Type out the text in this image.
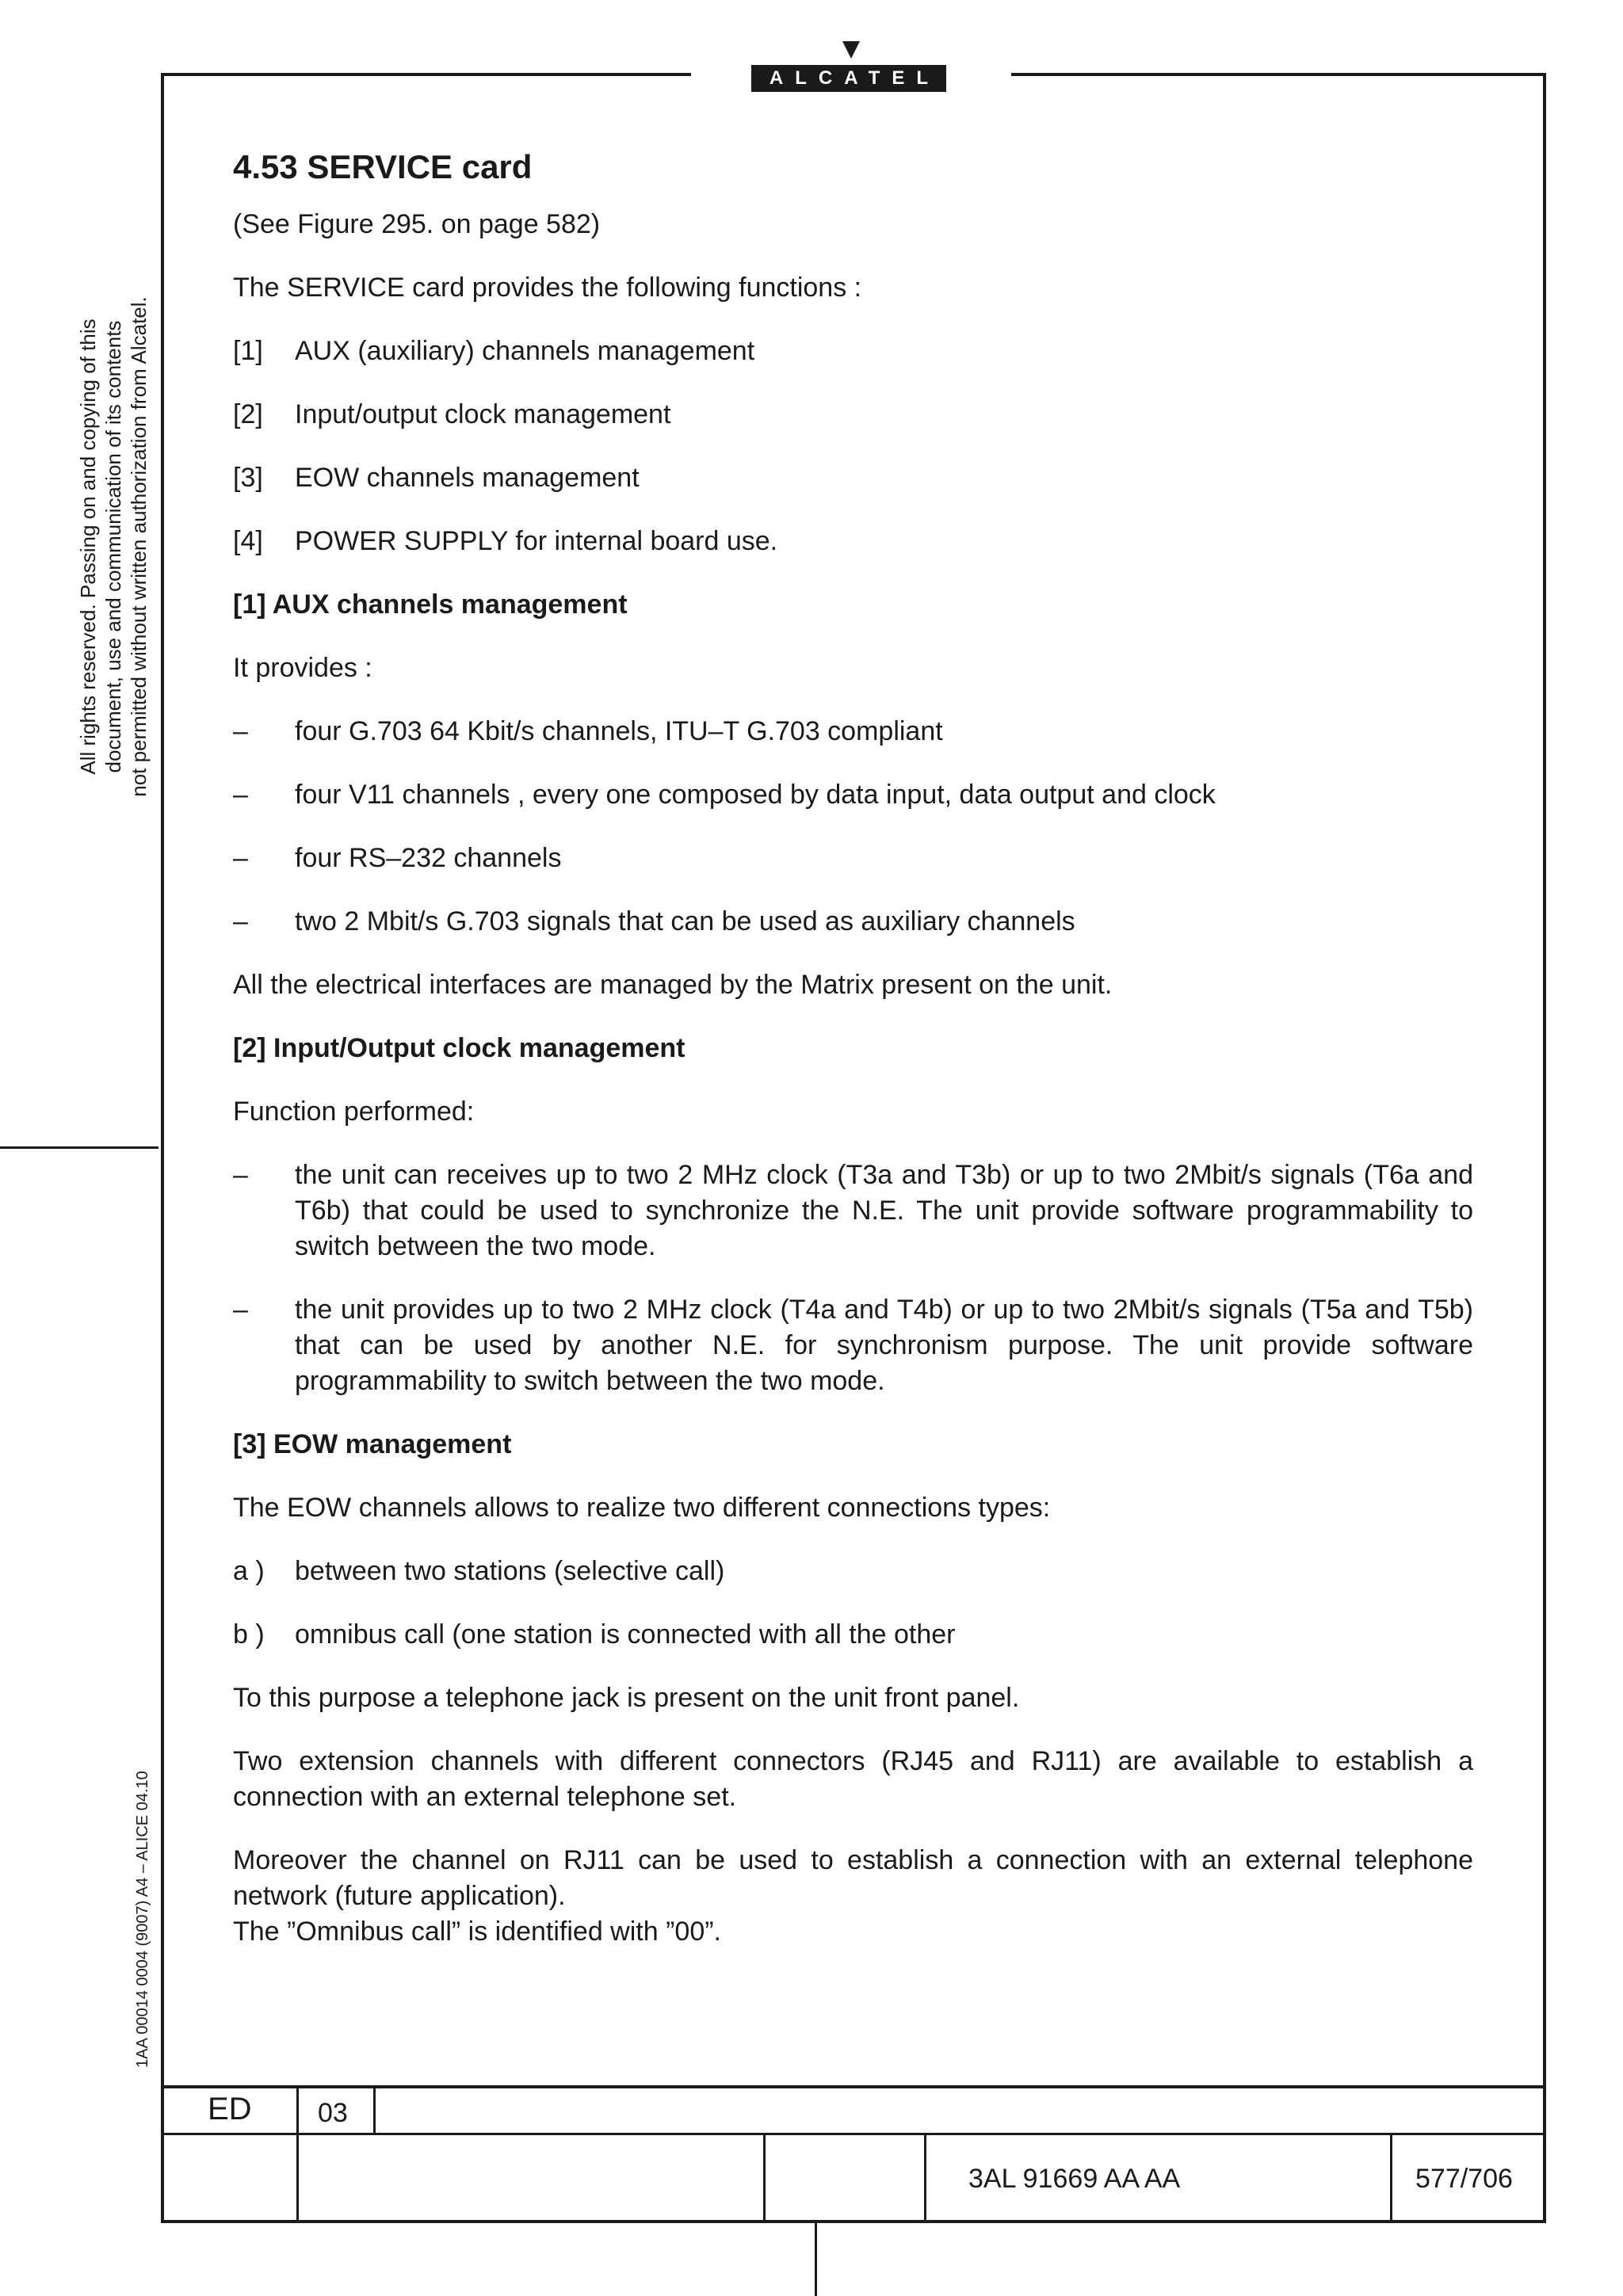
ALCATEL
All rights reserved. Passing on and copying of this document, use and communication of its contents not permitted without written authorization from Alcatel.
1AA 00014 0004 (9007) A4 – ALICE 04.10
4.53 SERVICE card
(See Figure 295. on page 582)
The SERVICE card provides the following functions :
[1] AUX (auxiliary) channels management
[2] Input/output clock management
[3] EOW channels management
[4] POWER SUPPLY for internal board use.
[1] AUX channels management
It provides :
– four G.703 64 Kbit/s channels, ITU–T G.703 compliant
– four V11 channels , every one composed by data input, data output and clock
– four RS–232 channels
– two 2 Mbit/s G.703 signals that can be used as auxiliary channels
All the electrical interfaces are managed by the Matrix present on the unit.
[2] Input/Output clock management
Function performed:
– the unit can receives up to two 2 MHz clock (T3a and T3b) or up to two 2Mbit/s signals (T6a and T6b) that could be used to synchronize the N.E. The unit provide software programmability to switch between the two mode.
– the unit provides up to two 2 MHz clock (T4a and T4b) or up to two 2Mbit/s signals (T5a and T5b) that can be used by another N.E. for synchronism purpose. The unit provide software programmability to switch between the two mode.
[3] EOW management
The EOW channels allows to realize two different connections types:
a ) between two stations (selective call)
b ) omnibus call (one station is connected with all the other
To this purpose a telephone jack is present on the unit front panel.
Two extension channels with different connectors (RJ45 and RJ11) are available to establish a connection with an external telephone set.
Moreover the channel on RJ11 can be used to establish a connection with an external telephone network (future application).
The ”Omnibus call” is identified with ”00”.
ED 03
3AL 91669 AA AA	577/706
